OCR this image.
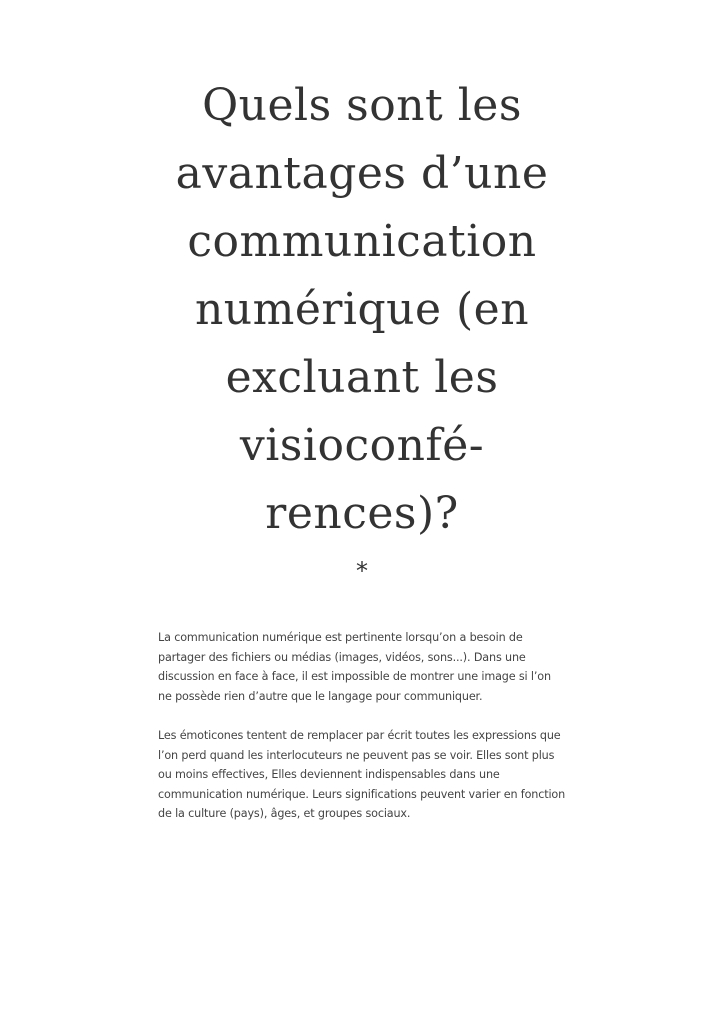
Quels sont les
avantages d’une
communication
numérique (en
excluant les
visioconfé-
rences)?
*

La communication numérique est pertinente lorsqu’on a besoin de
partager des fichiers ou médias (images, vidéos, sons...). Dans une
discussion en face à face, il est impossible de montrer une image si l’on
ne possède rien d’autre que le langage pour communiquer.

Les émoticones tentent de remplacer par écrit toutes les expressions que
l’on perd quand les interlocuteurs ne peuvent pas se voir. Elles sont plus
ou moins effectives, Elles deviennent indispensables dans une
communication numérique. Leurs significations peuvent varier en fonction
de la culture (pays), âges, et groupes sociaux.
